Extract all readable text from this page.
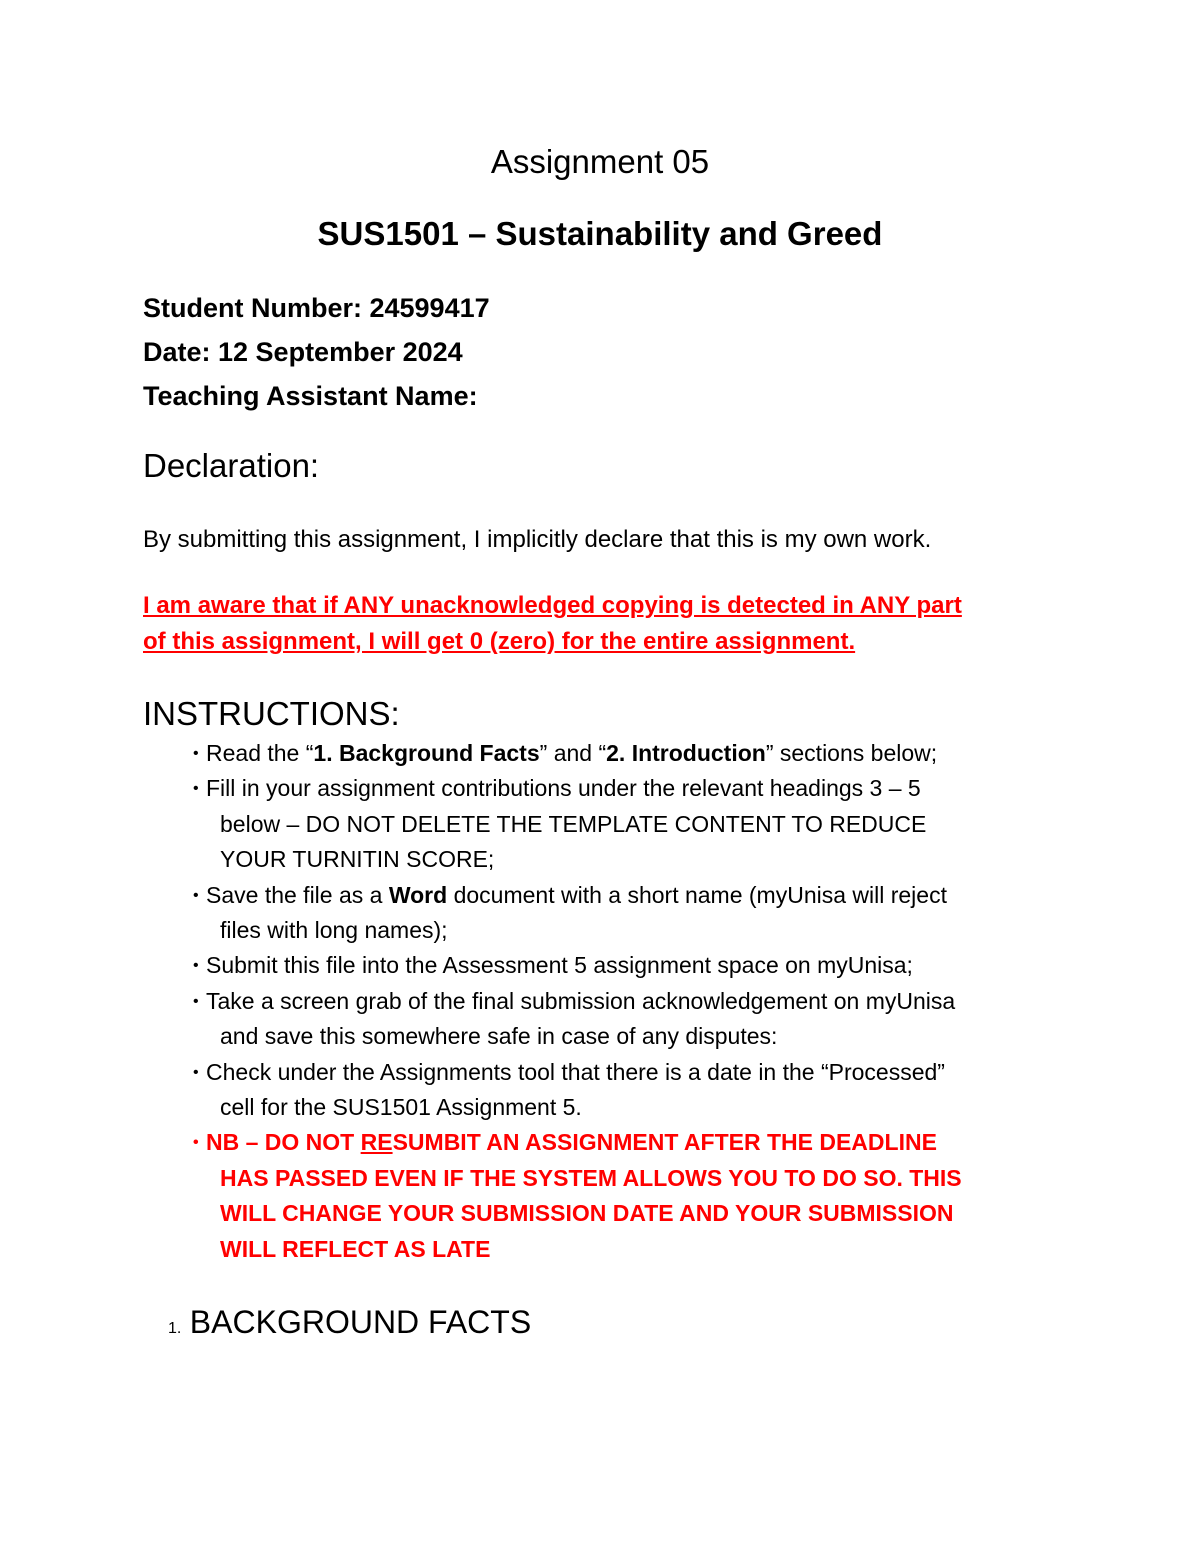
Assignment 05
SUS1501 – Sustainability and Greed
Student Number: 24599417
Date: 12 September 2024
Teaching Assistant Name:
Declaration:
By submitting this assignment, I implicitly declare that this is my own work.
I am aware that if ANY unacknowledged copying is detected in ANY part
of this assignment, I will get 0 (zero) for the entire assignment.
INSTRUCTIONS:
• Read the “1. Background Facts” and “2. Introduction” sections below;
• Fill in your assignment contributions under the relevant headings 3 – 5
below – DO NOT DELETE THE TEMPLATE CONTENT TO REDUCE
YOUR TURNITIN SCORE;
• Save the file as a Word document with a short name (myUnisa will reject
files with long names);
• Submit this file into the Assessment 5 assignment space on myUnisa;
• Take a screen grab of the final submission acknowledgement on myUnisa
and save this somewhere safe in case of any disputes:
• Check under the Assignments tool that there is a date in the “Processed”
cell for the SUS1501 Assignment 5.
• NB – DO NOT RESUMBIT AN ASSIGNMENT AFTER THE DEADLINE
HAS PASSED EVEN IF THE SYSTEM ALLOWS YOU TO DO SO. THIS
WILL CHANGE YOUR SUBMISSION DATE AND YOUR SUBMISSION
WILL REFLECT AS LATE
1. BACKGROUND FACTS
